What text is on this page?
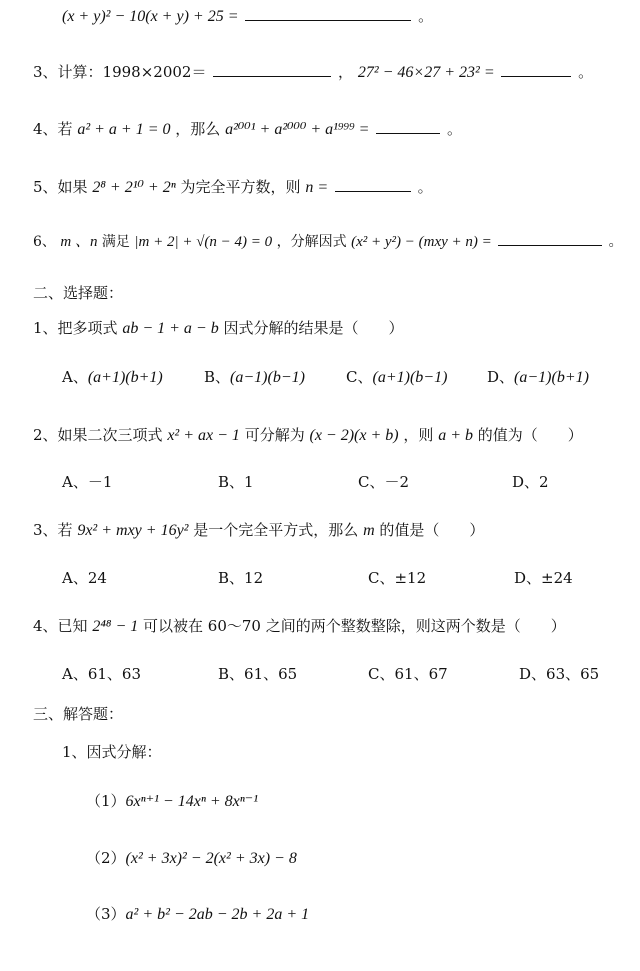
(x + y)² − 10(x + y) + 25 =	。
3、计算：1998×2002＝	， 27² − 46×27 + 23² =	。
4、若 a² + a + 1 = 0 ，那么 a²⁰⁰¹ + a²⁰⁰⁰ + a¹⁹⁹⁹ =	。
5、如果 2⁸ + 2¹⁰ + 2ⁿ 为完全平方数，则 n =	。
6、 m 、n 满足 |m + 2| + √(n − 4) = 0 ，分解因式 (x² + y²) − (mxy + n) =	。
二、选择题：
1、把多项式 ab − 1 + a − b 因式分解的结果是（　　）
A、(a+1)(b+1)	B、(a−1)(b−1)	C、(a+1)(b−1)	D、(a−1)(b+1)
2、如果二次三项式 x² + ax − 1 可分解为 (x − 2)(x + b) ，则 a + b 的值为（　　）
A、－1	B、1	C、－2	D、2
3、若 9x² + mxy + 16y² 是一个完全平方式，那么 m 的值是（　　）
A、24	B、12	C、±12	D、±24
4、已知 2⁴⁸ − 1 可以被在 60～70 之间的两个整数整除，则这两个数是（　　）
A、61、63	B、61、65	C、61、67	D、63、65
三、解答题：
1、因式分解：
（1）6xⁿ⁺¹ − 14xⁿ + 8xⁿ⁻¹
（2）(x² + 3x)² − 2(x² + 3x) − 8
（3）a² + b² − 2ab − 2b + 2a + 1
